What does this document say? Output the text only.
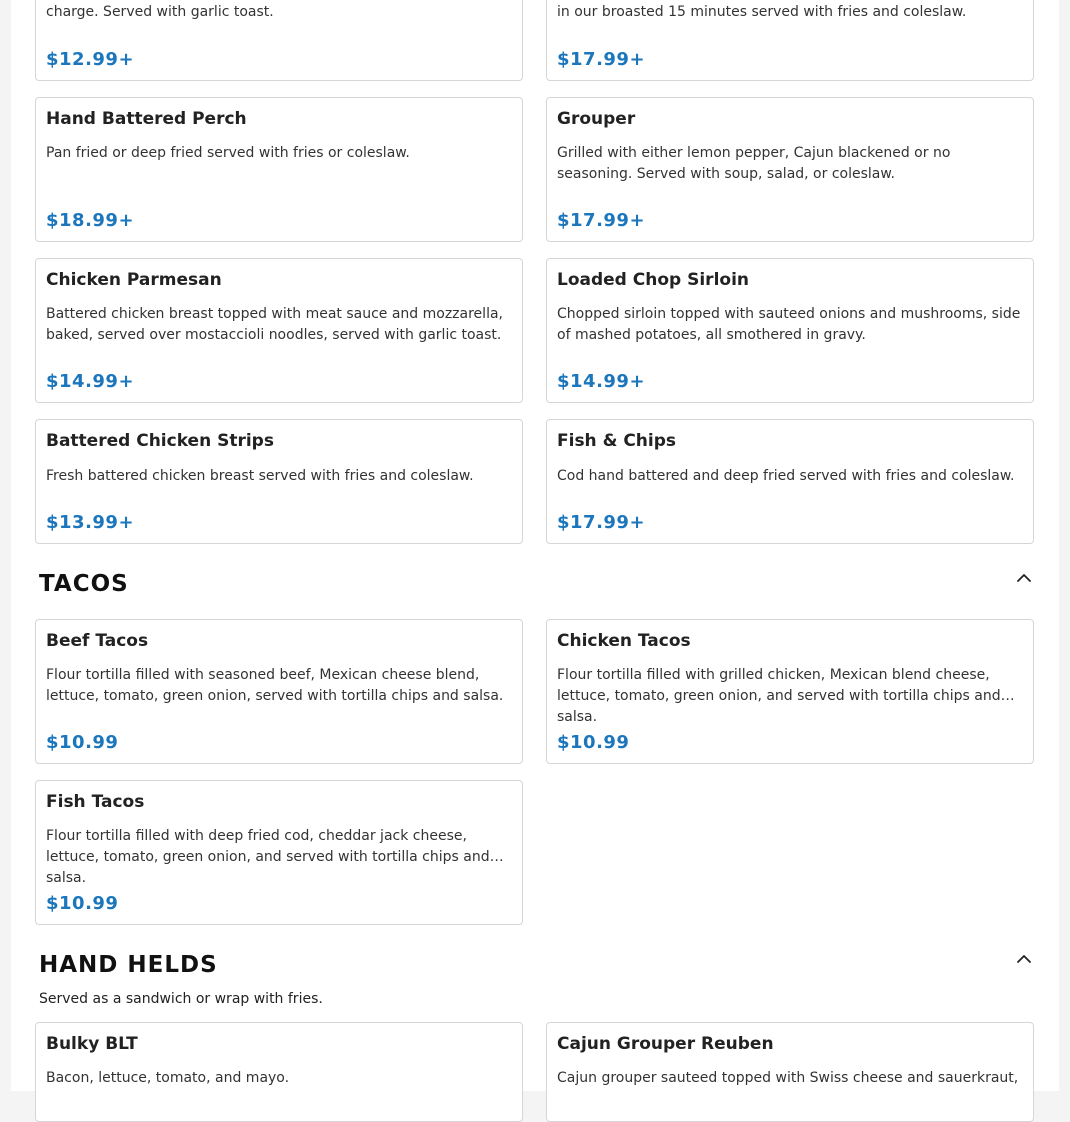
charge. Served with garlic toast.
$12.99+
in our broasted 15 minutes served with fries and coleslaw.
$17.99+
Hand Battered Perch
Pan fried or deep fried served with fries or coleslaw.
$18.99+
Grouper
Grilled with either lemon pepper, Cajun blackened or no seasoning. Served with soup, salad, or coleslaw.
$17.99+
Chicken Parmesan
Battered chicken breast topped with meat sauce and mozzarella, baked, served over mostaccioli noodles, served with garlic toast.
$14.99+
Loaded Chop Sirloin
Chopped sirloin topped with sauteed onions and mushrooms, side of mashed potatoes, all smothered in gravy.
$14.99+
Battered Chicken Strips
Fresh battered chicken breast served with fries and coleslaw.
$13.99+
Fish & Chips
Cod hand battered and deep fried served with fries and coleslaw.
$17.99+
TACOS
Beef Tacos
Flour tortilla filled with seasoned beef, Mexican cheese blend, lettuce, tomato, green onion, served with tortilla chips and salsa.
$10.99
Chicken Tacos
Flour tortilla filled with grilled chicken, Mexican blend cheese, lettuce, tomato, green onion, and served with tortilla chips and salsa.
$10.99
Fish Tacos
Flour tortilla filled with deep fried cod, cheddar jack cheese, lettuce, tomato, green onion, and served with tortilla chips and salsa.
$10.99
HAND HELDS
Served as a sandwich or wrap with fries.
Bulky BLT
Bacon, lettuce, tomato, and mayo.
Cajun Grouper Reuben
Cajun grouper sauteed topped with Swiss cheese and sauerkraut,
